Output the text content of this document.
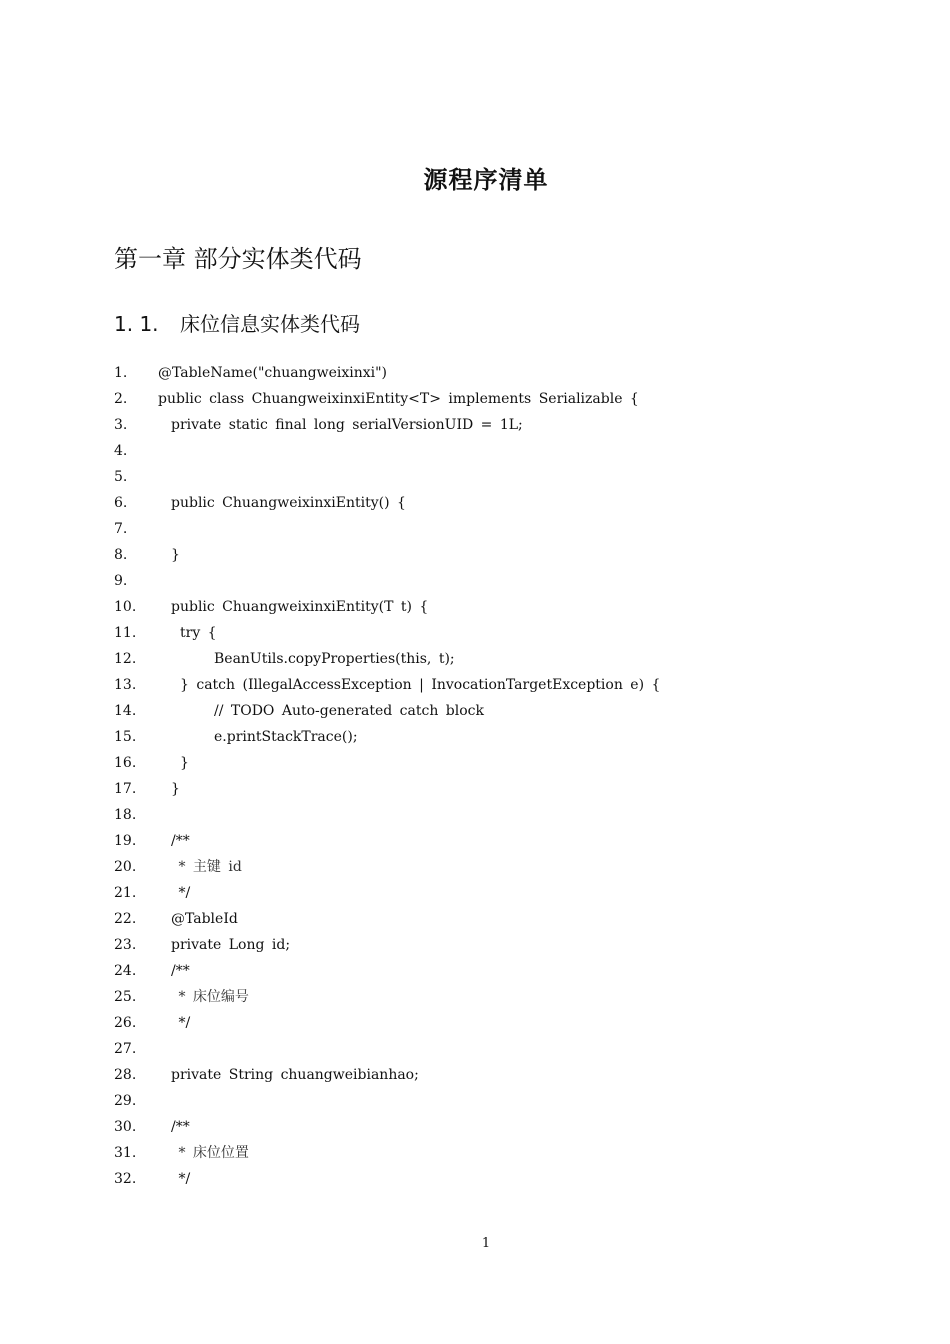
源程序清单
第一章 部分实体类代码
1. 1. 床位信息实体类代码
1.	@TableName("chuangweixinxi")
2.	public class ChuangweixinxiEntity<T> implements Serializable {
3.	private static final long serialVersionUID = 1L;
4.
5.
6.	public ChuangweixinxiEntity() {
7.
8.	}
9.
10.	public ChuangweixinxiEntity(T t) {
11.	try {
12.	BeanUtils.copyProperties(this, t);
13.	} catch (IllegalAccessException | InvocationTargetException e) {
14.	// TODO Auto-generated catch block
15.	e.printStackTrace();
16.	}
17.	}
18.
19.	/**
20.	* 主键 id
21.	*/
22.	@TableId
23.	private Long id;
24.	/**
25.	* 床位编号
26.	*/
27.
28.	private String chuangweibianhao;
29.
30.	/**
31.	* 床位位置
32.	*/
1
